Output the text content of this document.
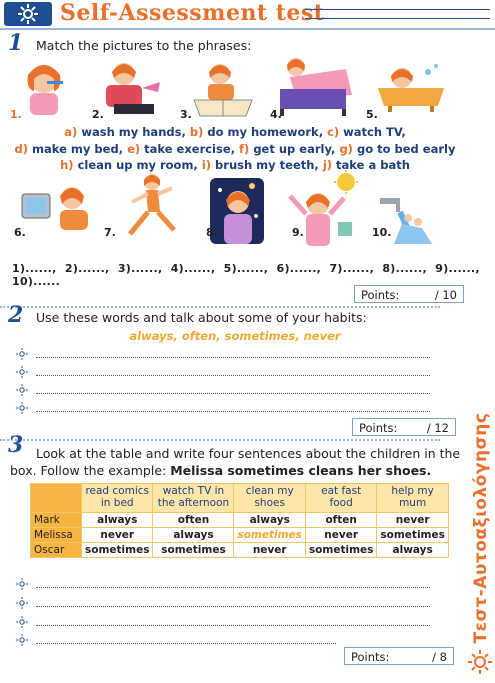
Self-Assessment test
1 Match the pictures to the phrases:
1.	2.	3.	4.	5.
a) wash my hands, b) do my homework, c) watch TV,
d) make my bed, e) take exercise, f) get up early, g) go to bed early
h) clean up my room, i) brush my teeth, j) take a bath
6.	7.	8.	9.	10.
1)......, 2)......, 3)......, 4)......, 5)......, 6)......, 7)......, 8)......, 9)......,  10)......
Points:	/ 10
2 Use these words and talk about some of your habits:
always, often, sometimes, never
Points:	/ 12
3 Look at the table and write four sentences about the children in the
box. Follow the example: Melissa sometimes cleans her shoes.
	read comics in bed	watch TV in the afternoon	clean my shoes	eat fast food	help my mum
Mark	always	often	always	often	never
Melissa	never	always	sometimes	never	sometimes
Oscar	sometimes	sometimes	never	sometimes	always
Points:	/ 8
Τεστ-Αυτοαξιολόγησης
